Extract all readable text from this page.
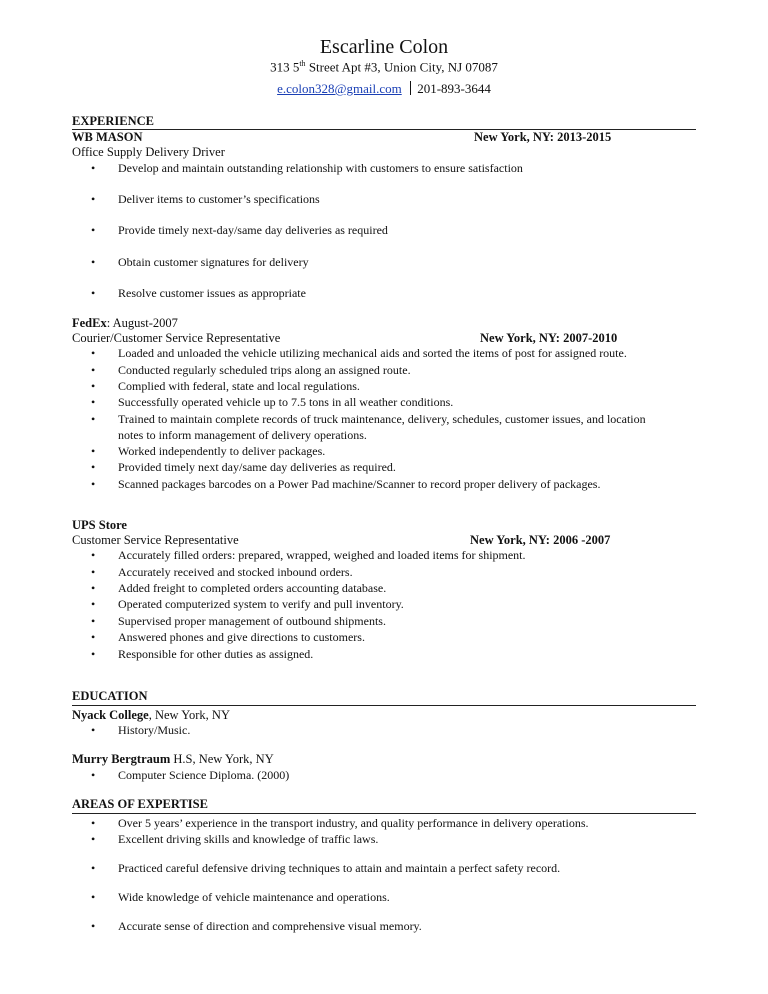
Escarline Colon
313 5th Street Apt #3, Union City, NJ 07087
e.colon328@gmail.com 201-893-3644
EXPERIENCE
WB MASON	New York, NY: 2013-2015
Office Supply Delivery Driver
• Develop and maintain outstanding relationship with customers to ensure satisfaction
• Deliver items to customer’s specifications
• Provide timely next-day/same day deliveries as required
• Obtain customer signatures for delivery
• Resolve customer issues as appropriate
FedEx: August-2007
Courier/Customer Service Representative	New York, NY: 2007-2010
• Loaded and unloaded the vehicle utilizing mechanical aids and sorted the items of post for assigned route.
• Conducted regularly scheduled trips along an assigned route.
• Complied with federal, state and local regulations.
• Successfully operated vehicle up to 7.5 tons in all weather conditions.
• Trained to maintain complete records of truck maintenance, delivery, schedules, customer issues, and location
notes to inform management of delivery operations.
• Worked independently to deliver packages.
• Provided timely next day/same day deliveries as required.
• Scanned packages barcodes on a Power Pad machine/Scanner to record proper delivery of packages.
UPS Store
Customer Service Representative	New York, NY: 2006 -2007
• Accurately filled orders: prepared, wrapped, weighed and loaded items for shipment.
• Accurately received and stocked inbound orders.
• Added freight to completed orders accounting database.
• Operated computerized system to verify and pull inventory.
• Supervised proper management of outbound shipments.
• Answered phones and give directions to customers.
• Responsible for other duties as assigned.
EDUCATION
Nyack College, New York, NY
• History/Music.
Murry Bergtraum H.S, New York, NY
• Computer Science Diploma. (2000)
AREAS OF EXPERTISE
• Over 5 years’ experience in the transport industry, and quality performance in delivery operations.
• Excellent driving skills and knowledge of traffic laws.
• Practiced careful defensive driving techniques to attain and maintain a perfect safety record.
• Wide knowledge of vehicle maintenance and operations.
• Accurate sense of direction and comprehensive visual memory.
